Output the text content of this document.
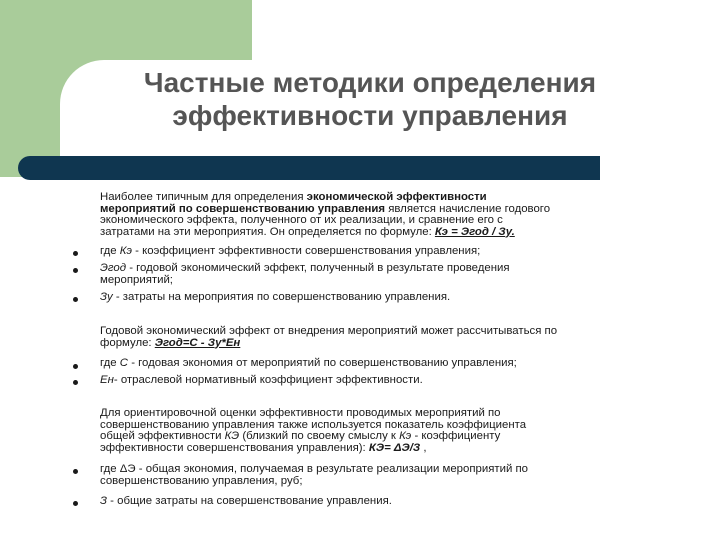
Частные методики определения
эффективности управления
Наиболее типичным для определения экономической эффективности
мероприятий по совершенствованию управления является начисление годового
экономического эффекта, полученного от их реализации, и сравнение его с
затратами на эти мероприятия. Он определяется по формуле: Кэ = Эгод / Зу.
где Кэ - коэффициент эффективности совершенствования управления;
Эгод - годовой экономический эффект, полученный в результате проведения
мероприятий;
Зу - затраты на мероприятия по совершенствованию управления.
Годовой экономический эффект от внедрения мероприятий может рассчитываться по
формуле: Эгод=С - Зу*Ен
где С - годовая экономия от мероприятий по совершенствованию управления;
Ен- отраслевой нормативный коэффициент эффективности.
Для ориентировочной оценки эффективности проводимых мероприятий по
совершенствованию управления также используется показатель коэффициента
общей эффективности КЭ (близкий по своему смыслу к Кэ - коэффициенту
эффективности совершенствования управления): КЭ= ΔЭ/З ,
где ΔЭ - общая экономия, получаемая в результате реализации мероприятий по
совершенствованию управления, руб;
З - общие затраты на совершенствование управления.
